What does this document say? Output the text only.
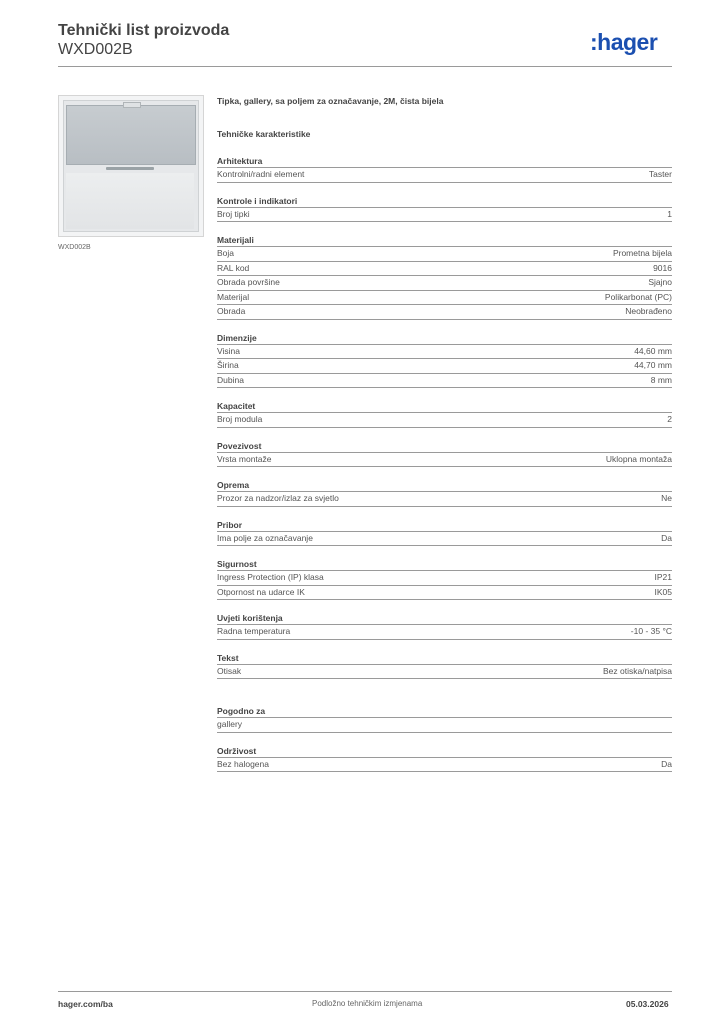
Tehnički list proizvoda
WXD002B	:hager
WXD002B
Tipka, gallery, sa poljem za označavanje, 2M, čista bijela
Tehničke karakteristike
Arhitektura
Kontrolni/radni element	Taster
Kontrole i indikatori
Broj tipki	1
Materijali
Boja	Prometna bijela
RAL kod	9016
Obrada površine	Sjajno
Materijal	Polikarbonat (PC)
Obrada	Neobrađeno
Dimenzije
Visina	44,60 mm
Širina	44,70 mm
Dubina	8 mm
Kapacitet
Broj modula	2
Povezivost
Vrsta montaže	Uklopna montaža
Oprema
Prozor za nadzor/izlaz za svjetlo	Ne
Pribor
Ima polje za označavanje	Da
Sigurnost
Ingress Protection (IP) klasa	IP21
Otpornost na udarce IK	IK05
Uvjeti korištenja
Radna temperatura	-10 - 35 °C
Tekst
Otisak	Bez otiska/natpisa
Pogodno za
gallery
Održivost
Bez halogena	Da
hager.com/ba	Podložno tehničkim izmjenama	05.03.2026
